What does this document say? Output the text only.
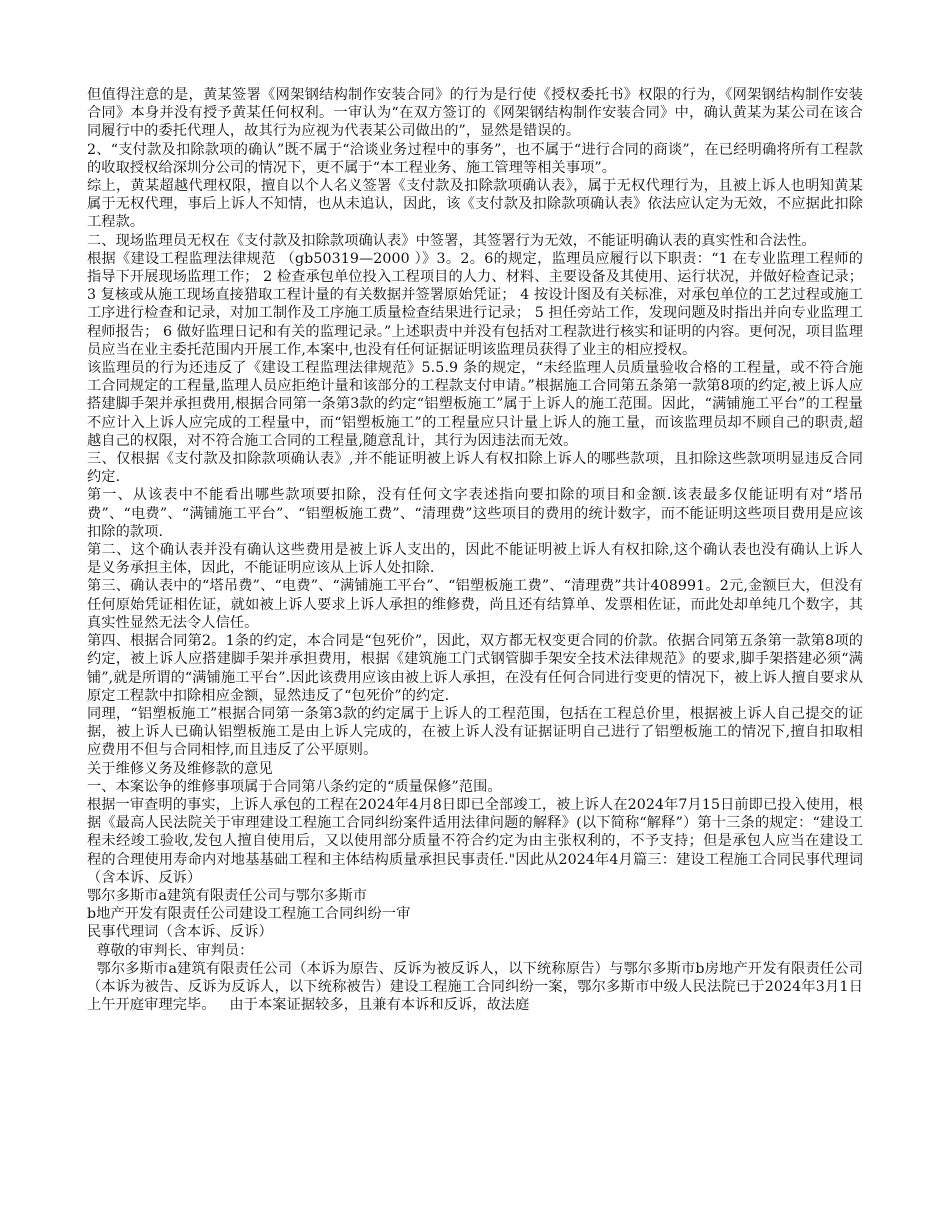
但值得注意的是，黄某签署《网架钢结构制作安装合同》的行为是行使《授权委托书》权限的行为，《网架钢结构制作安装合同》本身并没有授予黄某任何权利。一审认为“在双方签订的《网架钢结构制作安装合同》中，确认黄某为某公司在该合同履行中的委托代理人，故其行为应视为代表某公司做出的”，显然是错误的。

2、“支付款及扣除款项的确认”既不属于“洽谈业务过程中的事务”，也不属于“进行合同的商谈”，在已经明确将所有工程款的收取授权给深圳分公司的情况下，更不属于“本工程业务、施工管理等相关事项”。

综上，黄某超越代理权限，擅自以个人名义签署《支付款及扣除款项确认表》，属于无权代理行为，且被上诉人也明知黄某属于无权代理，事后上诉人不知情，也从未追认，因此，该《支付款及扣除款项确认表》依法应认定为无效，不应据此扣除工程款。

二、现场监理员无权在《支付款及扣除款项确认表》中签署，其签署行为无效，不能证明确认表的真实性和合法性。

根据《建设工程监理法律规范 （gb50319—2000 ）》3。2。6的规定，监理员应履行以下职责：“1 在专业监理工程师的指导下开展现场监理工作； 2 检查承包单位投入工程项目的人力、材料、主要设备及其使用、运行状况，并做好检查记录； 3 复核或从施工现场直接猎取工程计量的有关数据并签署原始凭证； 4 按设计图及有关标准，对承包单位的工艺过程或施工工序进行检查和记录，对加工制作及工序施工质量检查结果进行记录； 5 担任旁站工作，发现问题及时指出并向专业监理工程师报告； 6 做好监理日记和有关的监理记录。”上述职责中并没有包括对工程款进行核实和证明的内容。更何况，项目监理员应当在业主委托范围内开展工作,本案中,也没有任何证据证明该监理员获得了业主的相应授权。

该监理员的行为还违反了《建设工程监理法律规范》5.5.9 条的规定，“未经监理人员质量验收合格的工程量，或不符合施工合同规定的工程量,监理人员应拒绝计量和该部分的工程款支付申请。”根据施工合同第五条第一款第8项的约定,被上诉人应搭建脚手架并承担费用,根据合同第一条第3款的约定“铝塑板施工”属于上诉人的施工范围。因此，“满铺施工平台”的工程量不应计入上诉人应完成的工程量中，而“铝塑板施工”的工程量应只计量上诉人的施工量，而该监理员却不顾自己的职责,超越自己的权限，对不符合施工合同的工程量,随意乱计，其行为因违法而无效。

三、仅根据《支付款及扣除款项确认表》,并不能证明被上诉人有权扣除上诉人的哪些款项，且扣除这些款项明显违反合同约定.

第一、从该表中不能看出哪些款项要扣除，没有任何文字表述指向要扣除的项目和金额.该表最多仅能证明有对“塔吊费”、“电费”、“满铺施工平台”、“铝塑板施工费”、“清理费”这些项目的费用的统计数字，而不能证明这些项目费用是应该扣除的款项.

第二、这个确认表并没有确认这些费用是被上诉人支出的，因此不能证明被上诉人有权扣除,这个确认表也没有确认上诉人是义务承担主体，因此，不能证明应该从上诉人处扣除.

第三、确认表中的“塔吊费”、“电费”、“满铺施工平台”、“铝塑板施工费”、“清理费”共计408991。2元,金额巨大，但没有任何原始凭证相佐证，就如被上诉人要求上诉人承担的维修费，尚且还有结算单、发票相佐证，而此处却单纯几个数字，其真实性显然无法令人信任。

第四、根据合同第2。1条的约定，本合同是“包死价”，因此，双方都无权变更合同的价款。依据合同第五条第一款第8项的约定，被上诉人应搭建脚手架并承担费用，根据《建筑施工门式钢管脚手架安全技术法律规范》的要求,脚手架搭建必须“满铺”,就是所谓的“满铺施工平台”.因此该费用应该由被上诉人承担，在没有任何合同进行变更的情况下，被上诉人擅自要求从原定工程款中扣除相应金额，显然违反了“包死价”的约定.

同理，“铝塑板施工”根据合同第一条第3款的约定属于上诉人的工程范围，包括在工程总价里，根据被上诉人自己提交的证据，被上诉人已确认铝塑板施工是由上诉人完成的，在被上诉人没有证据证明自己进行了铝塑板施工的情况下,擅自扣取相应费用不但与合同相悖,而且违反了公平原则。

关于维修义务及维修款的意见

一、本案讼争的维修事项属于合同第八条约定的“质量保修”范围。

根据一审查明的事实，上诉人承包的工程在2024年4月8日即已全部竣工，被上诉人在2024年7月15日前即已投入使用，根据《最高人民法院关于审理建设工程施工合同纠纷案件适用法律问题的解释》(以下简称“解释”）第十三条的规定：“建设工程未经竣工验收,发包人擅自使用后，又以使用部分质量不符合约定为由主张权利的，不予支持；但是承包人应当在建设工程的合理使用寿命内对地基基础工程和主体结构质量承担民事责任."因此从2024年4月篇三：建设工程施工合同民事代理词（含本诉、反诉）

鄂尔多斯市a建筑有限责任公司与鄂尔多斯市

b地产开发有限责任公司建设工程施工合同纠纷一审

民事代理词（含本诉、反诉）

尊敬的审判长、审判员：

鄂尔多斯市a建筑有限责任公司（本诉为原告、反诉为被反诉人，以下统称原告）与鄂尔多斯市b房地产开发有限责任公司（本诉为被告、反诉为反诉人，以下统称被告）建设工程施工合同纠纷一案，鄂尔多斯市中级人民法院已于2024年3月1日上午开庭审理完毕。   由于本案证据较多，且兼有本诉和反诉，故法庭
